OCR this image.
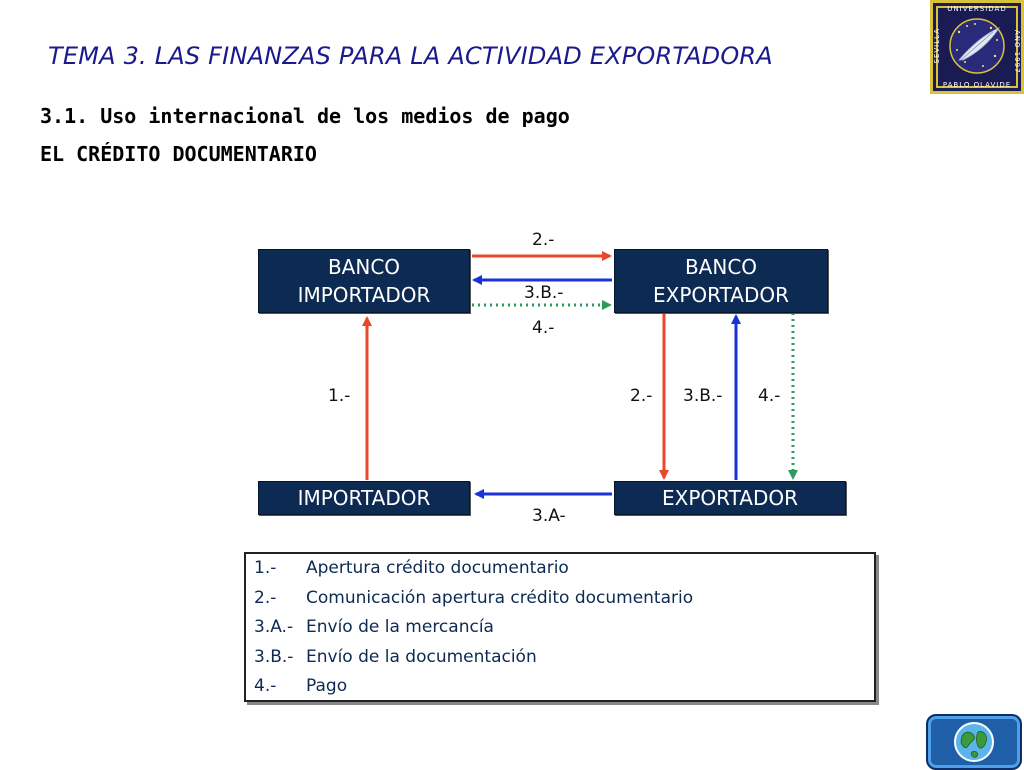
TEMA 3. LAS FINANZAS PARA LA ACTIVIDAD EXPORTADORA
3.1. Uso internacional de los medios de pago
EL CRÉDITO DOCUMENTARIO
UNIVERSIDAD
SEVILLA	AÑO 1997
PABLO OLAVIDE
BANCO
IMPORTADOR
BANCO
EXPORTADOR
IMPORTADOR	EXPORTADOR
2.-
3.B.-
4.-
1.-	2.- 3.B.- 4.-
3.A-
1.-	Apertura crédito documentario
2.-	Comunicación apertura crédito documentario
3.A.- Envío de la mercancía
3.B.- Envío de la documentación
4.-	Pago
